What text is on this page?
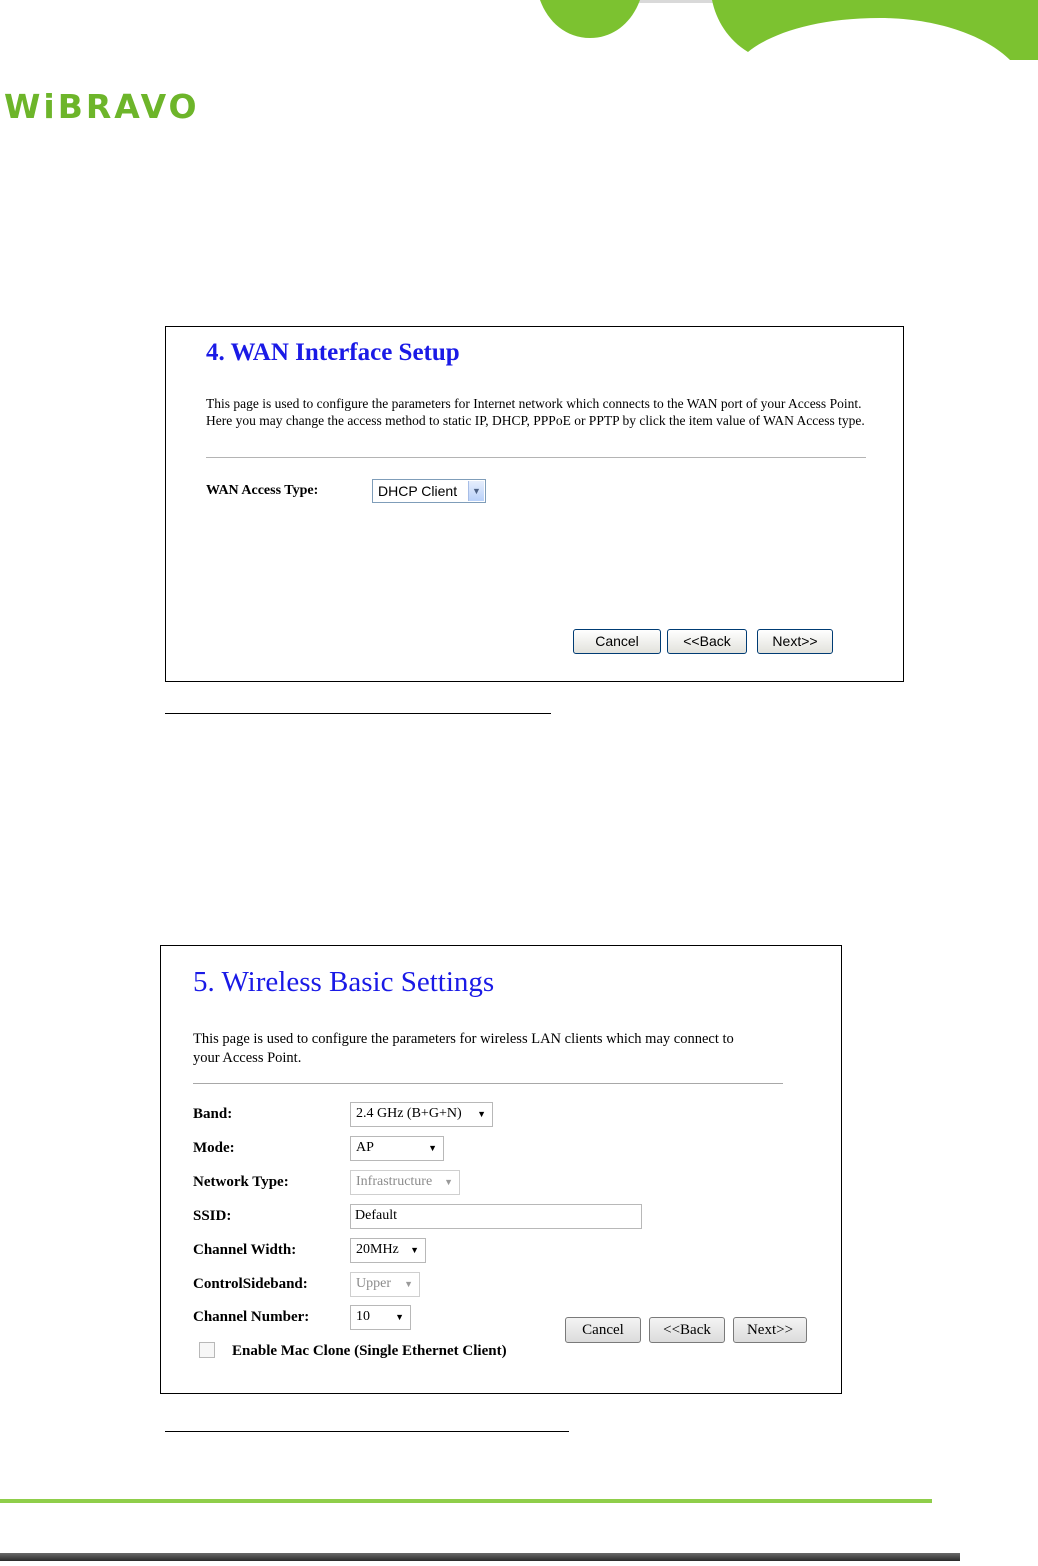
WiBRAVO
4. WAN Interface Setup
This page is used to configure the parameters for Internet network which connects to the WAN port of your Access Point. Here you may change the access method to static IP, DHCP, PPPoE or PPTP by click the item value of WAN Access type.
WAN Access Type:	DHCP Client	▼
Cancel	<<Back	Next>>
5. Wireless Basic Settings
This page is used to configure the parameters for wireless LAN clients which may connect to your Access Point.
Band:	2.4 GHz (B+G+N) ▼
Mode:	AP	▼
Network Type:	Infrastructure ▼
SSID:	Default
Channel Width:	20MHz ▼
ControlSideband:	Upper ▼
Channel Number:	10	▼
Enable Mac Clone (Single Ethernet Client)
Cancel	<<Back	Next>>
